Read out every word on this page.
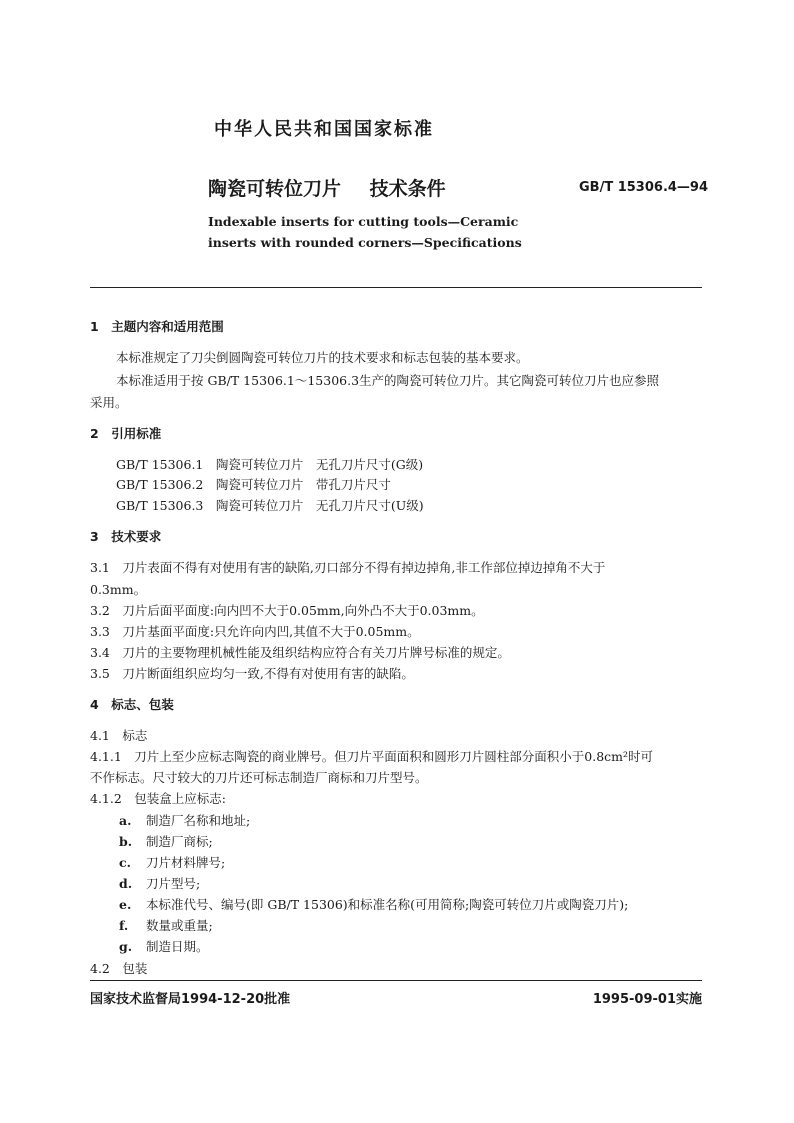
中华人民共和国国家标准
陶瓷可转位刀片 技术条件	GB/T 15306.4—94
Indexable inserts for cutting tools—Ceramic
inserts with rounded corners—Specifications
1　主题内容和适用范围
本标准规定了刀尖倒圆陶瓷可转位刀片的技术要求和标志包装的基本要求。
本标准适用于按 GB/T 15306.1～15306.3生产的陶瓷可转位刀片。其它陶瓷可转位刀片也应参照
采用。
2　引用标准
GB/T 15306.1　陶瓷可转位刀片　无孔刀片尺寸(G级)
GB/T 15306.2　陶瓷可转位刀片　带孔刀片尺寸
GB/T 15306.3　陶瓷可转位刀片　无孔刀片尺寸(U级)
3　技术要求
3.1　刀片表面不得有对使用有害的缺陷,刃口部分不得有掉边掉角,非工作部位掉边掉角不大于
0.3mm。
3.2　刀片后面平面度:向内凹不大于0.05mm,向外凸不大于0.03mm。
3.3　刀片基面平面度:只允许向内凹,其值不大于0.05mm。
3.4　刀片的主要物理机械性能及组织结构应符合有关刀片牌号标准的规定。
3.5　刀片断面组织应均匀一致,不得有对使用有害的缺陷。
4　标志、包装
4.1　标志
4.1.1　刀片上至少应标志陶瓷的商业牌号。但刀片平面面积和圆形刀片圆柱部分面积小于0.8cm²时可
不作标志。尺寸较大的刀片还可标志制造厂商标和刀片型号。
4.1.2　包装盒上应标志:
a. 制造厂名称和地址;
b. 制造厂商标;
c. 刀片材料牌号;
d. 刀片型号;
e. 本标准代号、编号(即 GB/T 15306)和标准名称(可用简称;陶瓷可转位刀片或陶瓷刀片);
f. 数量或重量;
g. 制造日期。
4.2　包装
国家技术监督局1994-12-20批准	1995-09-01实施
